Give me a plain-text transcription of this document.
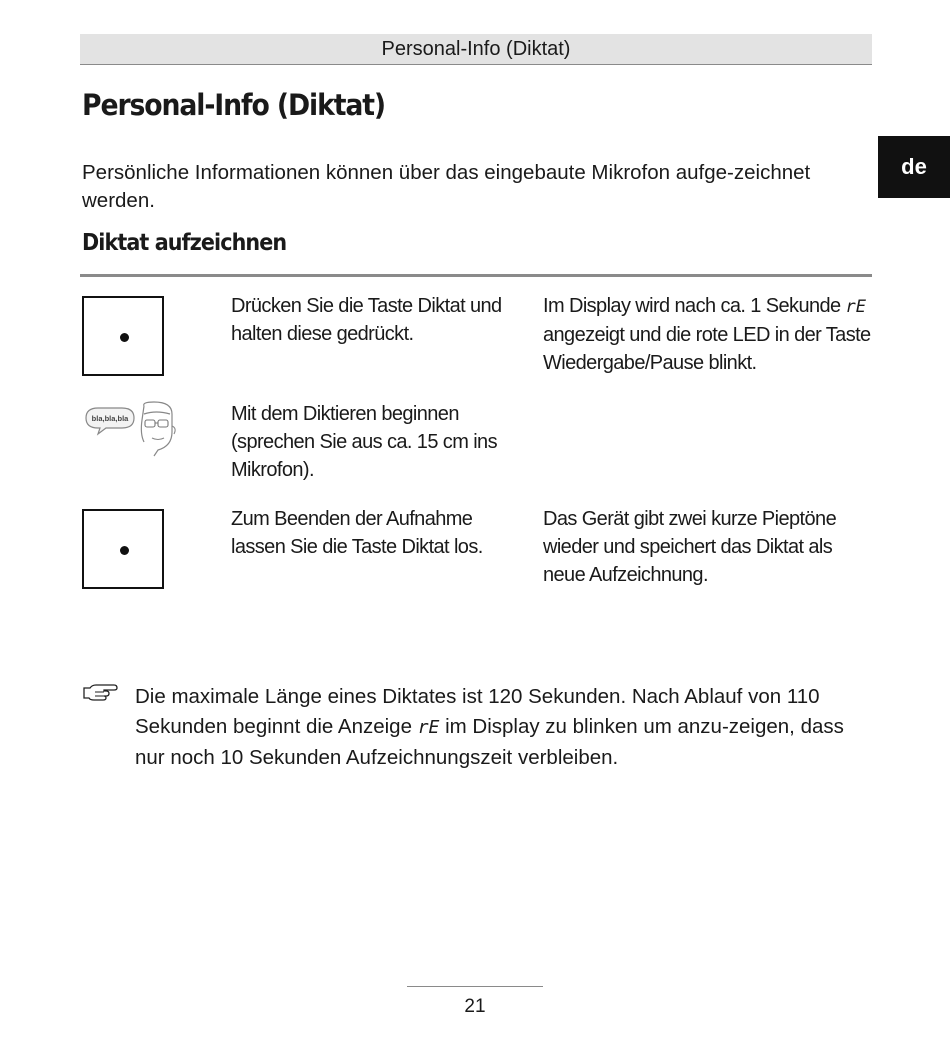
Personal-Info (Diktat)
de
Personal-Info (Diktat)
Persönliche Informationen können über das eingebaute Mikrofon aufge-zeichnet werden.
Diktat aufzeichnen
Drücken Sie die Taste Diktat und halten diese gedrückt.
Im Display wird nach ca. 1 Sekunde rE angezeigt und die rote LED in der Taste Wiedergabe/Pause blinkt.
bla,bla,bla	Mit dem Diktieren beginnen (sprechen Sie aus ca. 15 cm ins Mikrofon).
Zum Beenden der Aufnahme lassen Sie die Taste Diktat los.
Das Gerät gibt zwei kurze Pieptöne wieder und speichert das Diktat als neue Aufzeichnung.
Die maximale Länge eines Diktates ist 120 Sekunden. Nach Ablauf von 110 Sekunden beginnt die Anzeige rE im Display zu blinken um anzu-zeigen, dass nur noch 10 Sekunden Aufzeichnungszeit verbleiben.
21
